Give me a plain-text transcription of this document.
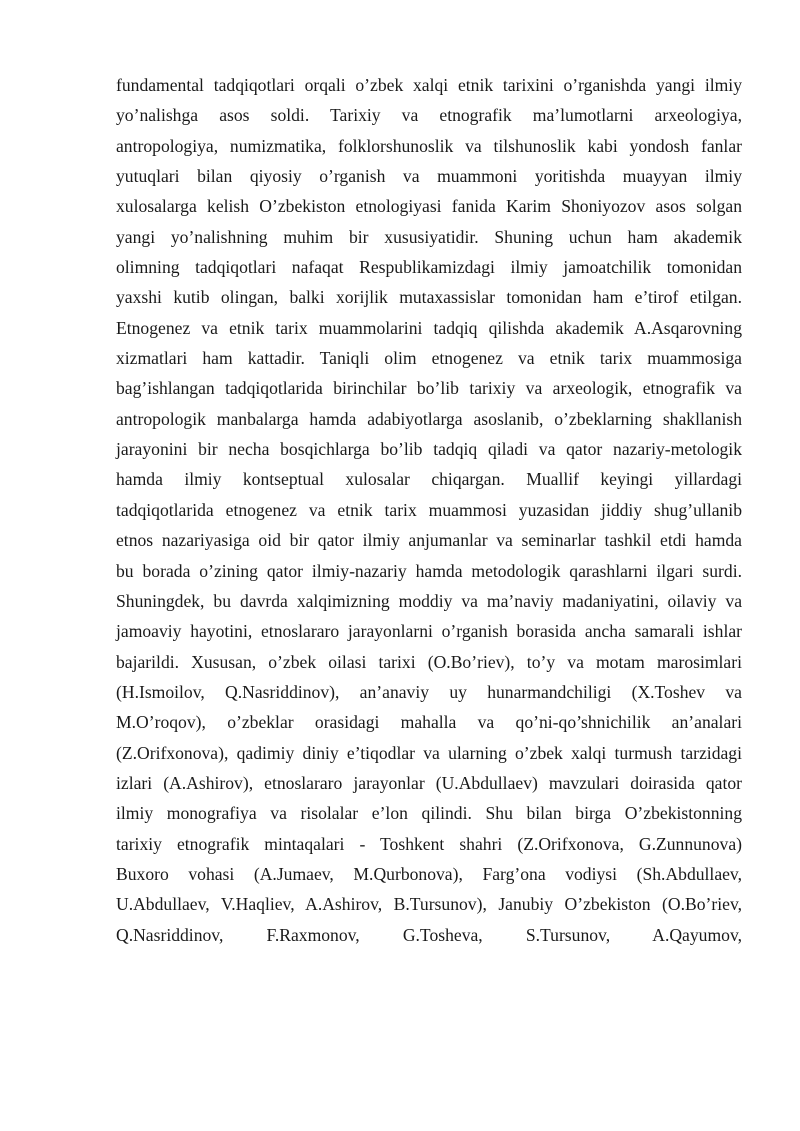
fundamental tadqiqotlari orqali o’zbek xalqi etnik tarixini o’rganishda yangi ilmiy
yo’nalishga asos soldi. Tarixiy va etnografik ma’lumotlarni arxeologiya,
antropologiya, numizmatika, folklorshunoslik va tilshunoslik kabi yondosh fanlar
yutuqlari bilan qiyosiy o’rganish va muammoni yoritishda muayyan ilmiy
xulosalarga kelish O’zbekiston etnologiyasi fanida Karim Shoniyozov asos solgan
yangi yo’nalishning muhim bir xususiyatidir. Shuning uchun ham akademik
olimning tadqiqotlari nafaqat Respublikamizdagi ilmiy jamoatchilik tomonidan
yaxshi kutib olingan, balki xorijlik mutaxassislar tomonidan ham e’tirof etilgan.
Etnogenez va etnik tarix muammolarini tadqiq qilishda akademik A.Asqarovning
xizmatlari ham kattadir. Taniqli olim etnogenez va etnik tarix muammosiga
bag’ishlangan tadqiqotlarida birinchilar bo’lib tarixiy va arxeologik, etnografik va
antropologik manbalarga hamda adabiyotlarga asoslanib, o’zbeklarning shakllanish
jarayonini bir necha bosqichlarga bo’lib tadqiq qiladi va qator nazariy-metologik
hamda ilmiy kontseptual xulosalar chiqargan. Muallif keyingi yillardagi
tadqiqotlarida etnogenez va etnik tarix muammosi yuzasidan jiddiy shug’ullanib
etnos nazariyasiga oid bir qator ilmiy anjumanlar va seminarlar tashkil etdi hamda
bu borada o’zining qator ilmiy-nazariy hamda metodologik qarashlarni ilgari surdi.
Shuningdek, bu davrda xalqimizning moddiy va ma’naviy madaniyatini, oilaviy va
jamoaviy hayotini, etnoslararo jarayonlarni o’rganish borasida ancha samarali ishlar
bajarildi. Xususan, o’zbek oilasi tarixi (O.Bo’riev), to’y va motam marosimlari
(H.Ismoilov, Q.Nasriddinov), an’anaviy uy hunarmandchiligi (X.Toshev va
M.O’roqov), o’zbeklar orasidagi mahalla va qo’ni-qo’shnichilik an’analari
(Z.Orifxonova), qadimiy diniy e’tiqodlar va ularning o’zbek xalqi turmush tarzidagi
izlari (A.Ashirov), etnoslararo jarayonlar (U.Abdullaev) mavzulari doirasida qator
ilmiy monografiya va risolalar e’lon qilindi. Shu bilan birga O’zbekistonning
tarixiy etnografik mintaqalari - Toshkent shahri (Z.Orifxonova, G.Zunnunova)
Buxoro vohasi (A.Jumaev, M.Qurbonova), Farg’ona vodiysi (Sh.Abdullaev,
U.Abdullaev, V.Haqliev, A.Ashirov, B.Tursunov), Janubiy O’zbekiston (O.Bo’riev,
Q.Nasriddinov, F.Raxmonov, G.Tosheva, S.Tursunov, A.Qayumov,
